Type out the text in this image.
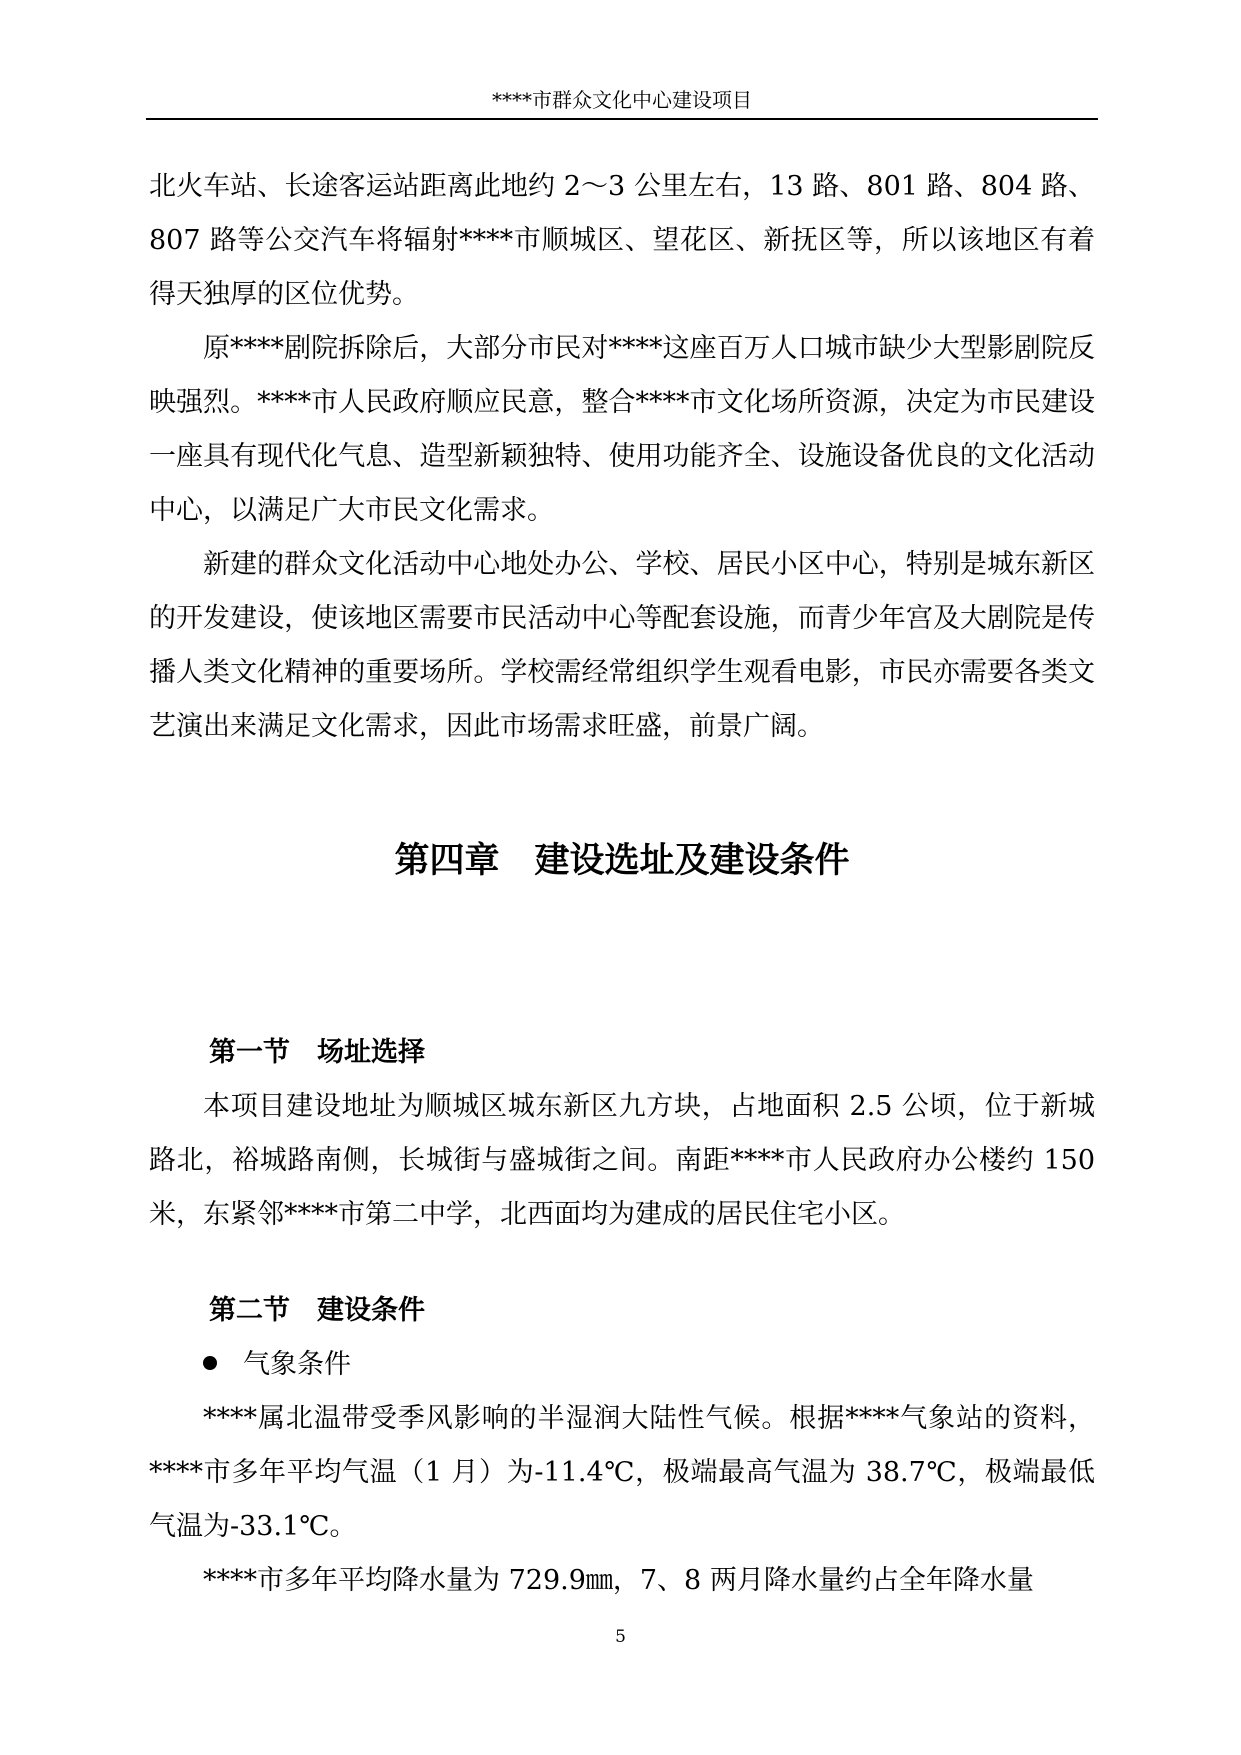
****市群众文化中心建设项目

北火车站、长途客运站距离此地约 2～3 公里左右，13 路、801 路、804 路、807 路等公交汽车将辐射****市顺城区、望花区、新抚区等，所以该地区有着得天独厚的区位优势。

原****剧院拆除后，大部分市民对****这座百万人口城市缺少大型影剧院反映强烈。****市人民政府顺应民意，整合****市文化场所资源，决定为市民建设一座具有现代化气息、造型新颖独特、使用功能齐全、设施设备优良的文化活动中心，以满足广大市民文化需求。

新建的群众文化活动中心地处办公、学校、居民小区中心，特别是城东新区的开发建设，使该地区需要市民活动中心等配套设施，而青少年宫及大剧院是传播人类文化精神的重要场所。学校需经常组织学生观看电影，市民亦需要各类文艺演出来满足文化需求，因此市场需求旺盛，前景广阔。

第四章　建设选址及建设条件
第一节　场址选择

本项目建设地址为顺城区城东新区九方块，占地面积 2.5 公顷，位于新城路北，裕城路南侧，长城街与盛城街之间。南距****市人民政府办公楼约 150 米，东紧邻****市第二中学，北西面均为建成的居民住宅小区。

第二节　建设条件
气象条件

****属北温带受季风影响的半湿润大陆性气候。根据****气象站的资料，****市多年平均气温（1 月）为-11.4℃，极端最高气温为 38.7℃，极端最低气温为-33.1℃。

****市多年平均降水量为 729.9㎜，7、8 两月降水量约占全年降水量

5
